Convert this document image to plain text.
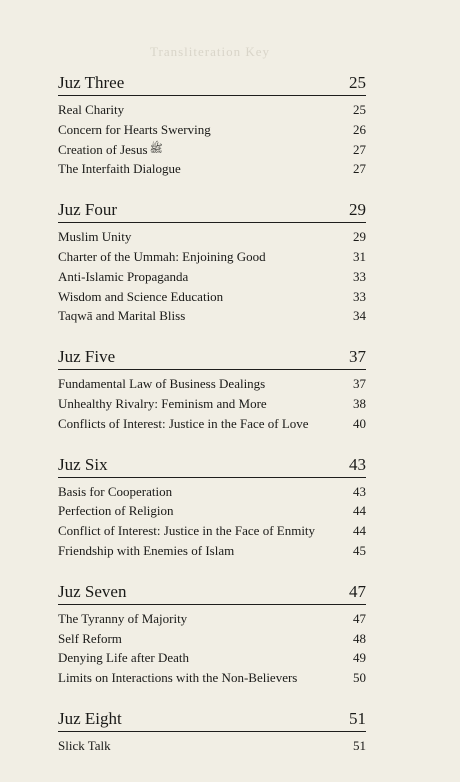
Transliteration Key
Juz Three	25
Real Charity	25
Concern for Hearts Swerving	26
Creation of Jesus ﷺ	27
The Interfaith Dialogue	27
Juz Four	29
Muslim Unity	29
Charter of the Ummah: Enjoining Good	31
Anti-Islamic Propaganda	33
Wisdom and Science Education	33
Taqwā and Marital Bliss	34
Juz Five	37
Fundamental Law of Business Dealings	37
Unhealthy Rivalry: Feminism and More	38
Conflicts of Interest: Justice in the Face of Love	40
Juz Six	43
Basis for Cooperation	43
Perfection of Religion	44
Conflict of Interest: Justice in the Face of Enmity	44
Friendship with Enemies of Islam	45
Juz Seven	47
The Tyranny of Majority	47
Self Reform	48
Denying Life after Death	49
Limits on Interactions with the Non-Believers	50
Juz Eight	51
Slick Talk	51
